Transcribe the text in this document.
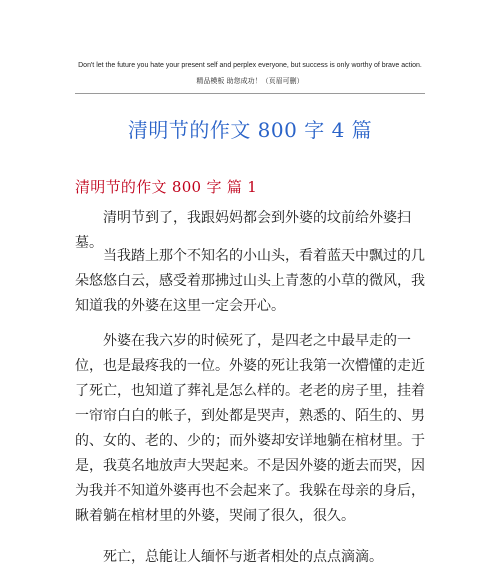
Don't let the future you hate your present self and perplex everyone, but success is only worthy of brave action.
精品模板 助您成功！（页眉可删）
清明节的作文 800 字 4 篇
清明节的作文 800 字 篇 1

清明节到了，我跟妈妈都会到外婆的坟前给外婆扫墓。

当我踏上那个不知名的小山头，看着蓝天中飘过的几朵悠悠白云，感受着那拂过山头上青葱的小草的微风，我知道我的外婆在这里一定会开心。

外婆在我六岁的时候死了，是四老之中最早走的一位，也是最疼我的一位。外婆的死让我第一次懵懂的走近了死亡，也知道了葬礼是怎么样的。老老的房子里，挂着一帘帘白白的帐子，到处都是哭声，熟悉的、陌生的、男的、女的、老的、少的；而外婆却安详地躺在棺材里。于是，我莫名地放声大哭起来。不是因外婆的逝去而哭，因为我并不知道外婆再也不会起来了。我躲在母亲的身后，瞅着躺在棺材里的外婆，哭闹了很久，很久。

死亡，总能让人缅怀与逝者相处的点点滴滴。
